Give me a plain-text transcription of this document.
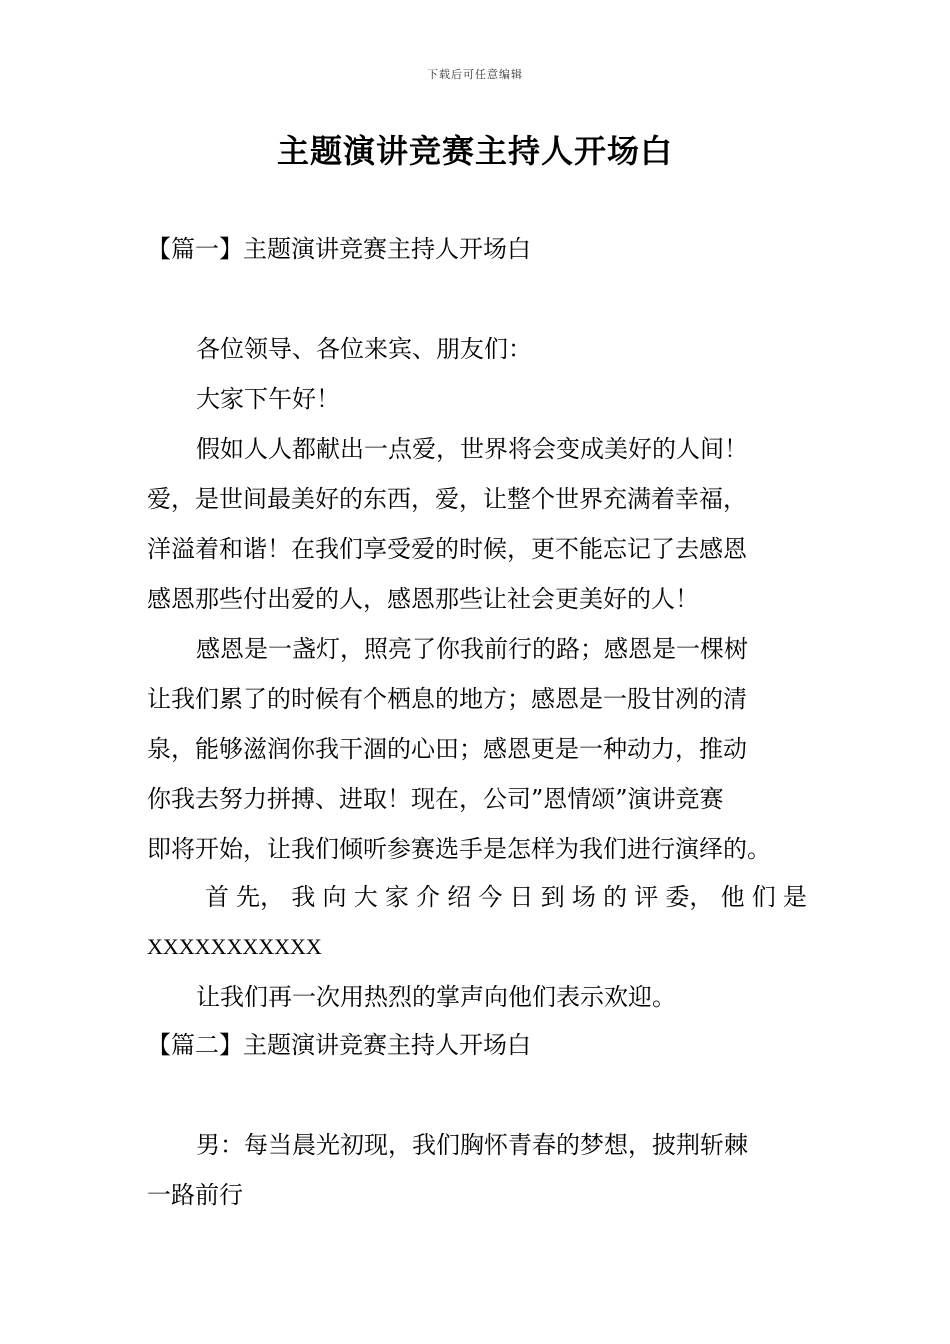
下载后可任意编辑
主题演讲竞赛主持人开场白
【篇一】主题演讲竞赛主持人开场白
各位领导、各位来宾、朋友们：
大家下午好！
假如人人都献出一点爱，世界将会变成美好的人间！
爱，是世间最美好的东西，爱，让整个世界充满着幸福，
洋溢着和谐！在我们享受爱的时候，更不能忘记了去感恩
感恩那些付出爱的人，感恩那些让社会更美好的人！
感恩是一盏灯，照亮了你我前行的路；感恩是一棵树
让我们累了的时候有个栖息的地方；感恩是一股甘冽的清
泉，能够滋润你我干涸的心田；感恩更是一种动力，推动
你我去努力拼搏、进取！现在，公司”恩情颂”演讲竞赛
即将开始，让我们倾听参赛选手是怎样为我们进行演绎的。
首 先， 我 向 大 家 介 绍 今 日 到 场 的 评 委， 他 们 是
XXXXXXXXXXX
让我们再一次用热烈的掌声向他们表示欢迎。
【篇二】主题演讲竞赛主持人开场白
男：每当晨光初现，我们胸怀青春的梦想，披荆斩棘
一路前行
